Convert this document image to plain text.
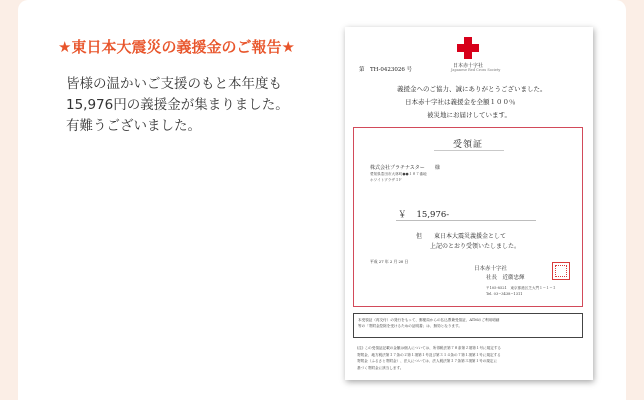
★東日本大震災の義援金のご報告★
皆様の温かいご支援のもと本年度も
15,976円の義援金が集まりました。
有難うございました。
日本赤十字社
Japanese Red Cross Society
第　TH-0423026 号
義援金へのご協力、誠にありがとうございました。
日本赤十字社は義援金を全額１００％
被災地にお届けしています。
受領証
株式会社プラチナスター 様
愛知県豊田市大林町●●１８７番地
ホワイトプラザ３Ｆ
￥ 15,976-
但　　東日本大震災義援金として
上記のとおり受領いたしました。
平成 27 年 2 月 20 日
日本赤十字社
社長　近衞忠煇
〒105-8521　東京都港区芝大門１−１−３
Tel. 03−3438−1311
本受領証（再交付）の発行をもって、郵便局からの払込票兼受領証、ATMのご利用明細
等の「寄附金控除を受けるための証明書」は、無効となります。
(注) この受領証記載の金額は個人については、所得税法第７８条第２項第１号に規定する
寄附金、地方税法第３７条の２第１項第１号及び第３１４条の７第１項第１号に規定する
寄附金（ふるさと寄附金）、法人については、法人税法第３７条第３項第１号の規定に
基づく寄附金に該当します。
